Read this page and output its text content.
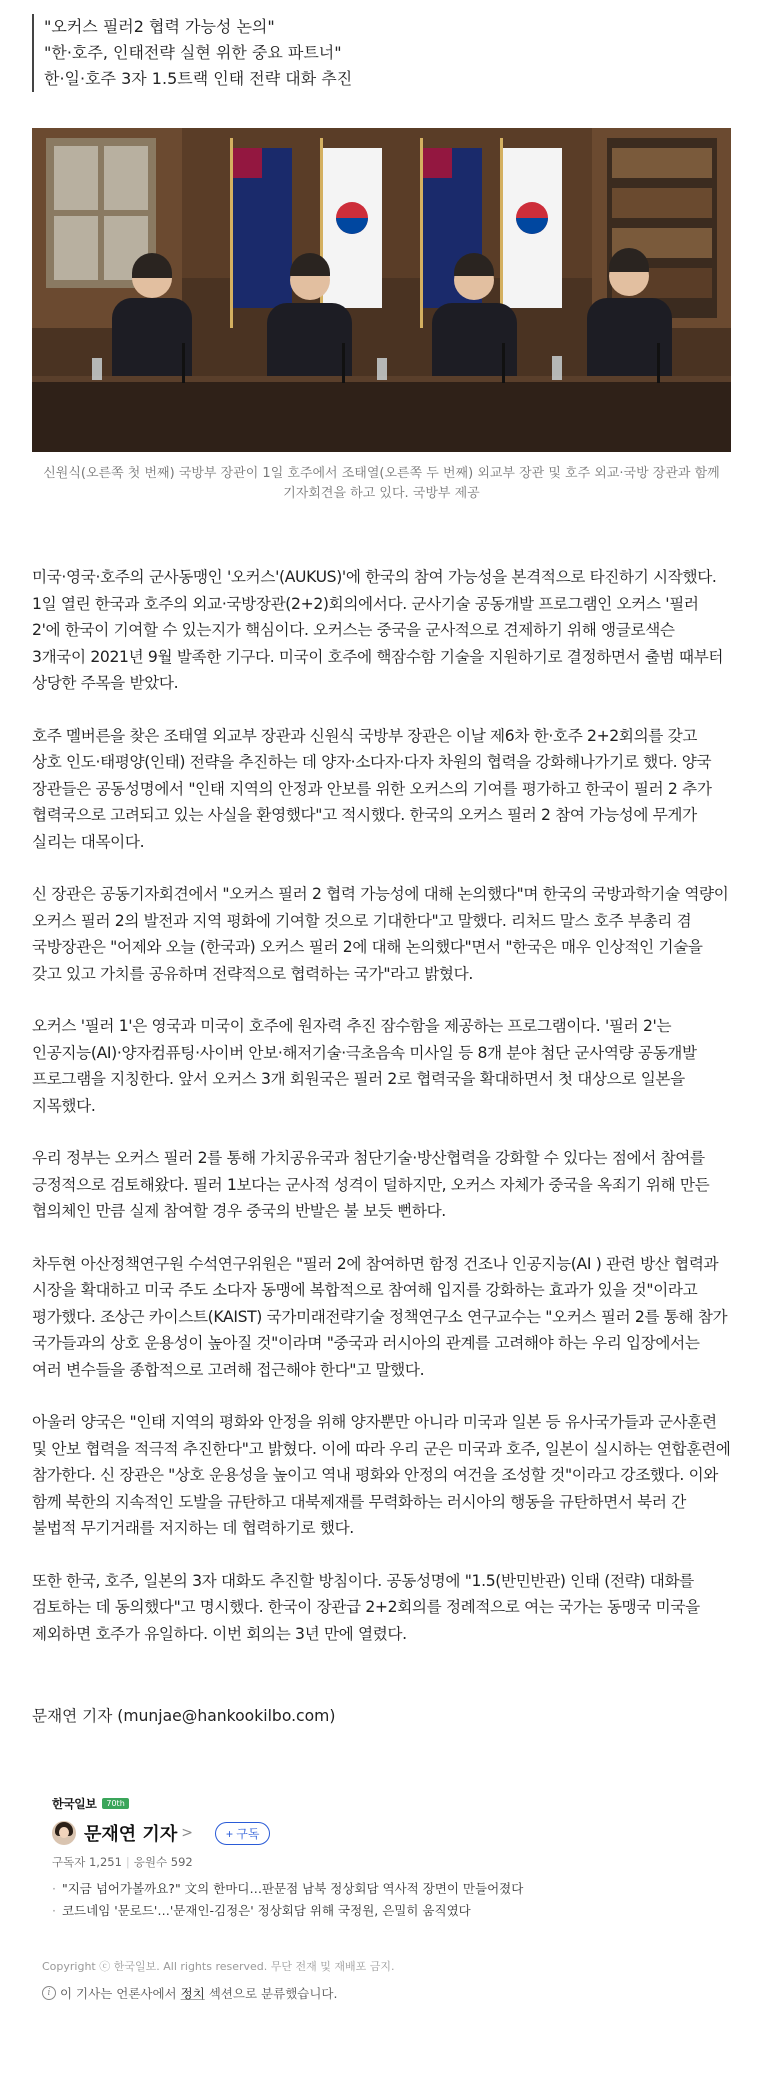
"오커스 필러2 협력 가능성 논의"
"한·호주, 인태전략 실현 위한 중요 파트너"
한·일·호주 3자 1.5트랙 인태 전략 대화 추진
신원식(오른쪽 첫 번째) 국방부 장관이 1일 호주에서 조태열(오른쪽 두 번째) 외교부 장관 및 호주 외교·국방 장관과 함께 기자회견을 하고 있다. 국방부 제공

미국·영국·호주의 군사동맹인 '오커스'(AUKUS)'에 한국의 참여 가능성을 본격적으로 타진하기 시작했다. 1일 열린 한국과 호주의 외교·국방장관(2+2)회의에서다. 군사기술 공동개발 프로그램인 오커스 '필러 2'에 한국이 기여할 수 있는지가 핵심이다. 오커스는 중국을 군사적으로 견제하기 위해 앵글로색슨 3개국이 2021년 9월 발족한 기구다. 미국이 호주에 핵잠수함 기술을 지원하기로 결정하면서 출범 때부터 상당한 주목을 받았다.

호주 멜버른을 찾은 조태열 외교부 장관과 신원식 국방부 장관은 이날 제6차 한·호주 2+2회의를 갖고 상호 인도·태평양(인태) 전략을 추진하는 데 양자·소다자·다자 차원의 협력을 강화해나가기로 했다. 양국 장관들은 공동성명에서 "인태 지역의 안정과 안보를 위한 오커스의 기여를 평가하고 한국이 필러 2 추가 협력국으로 고려되고 있는 사실을 환영했다"고 적시했다. 한국의 오커스 필러 2 참여 가능성에 무게가 실리는 대목이다.

신 장관은 공동기자회견에서 "오커스 필러 2 협력 가능성에 대해 논의했다"며 한국의 국방과학기술 역량이 오커스 필러 2의 발전과 지역 평화에 기여할 것으로 기대한다"고 말했다. 리처드 말스 호주 부총리 겸 국방장관은 "어제와 오늘 (한국과) 오커스 필러 2에 대해 논의했다"면서 "한국은 매우 인상적인 기술을 갖고 있고 가치를 공유하며 전략적으로 협력하는 국가"라고 밝혔다.

오커스 '필러 1'은 영국과 미국이 호주에 원자력 추진 잠수함을 제공하는 프로그램이다. '필러 2'는 인공지능(AI)·양자컴퓨팅·사이버 안보·해저기술·극초음속 미사일 등 8개 분야 첨단 군사역량 공동개발 프로그램을 지칭한다. 앞서 오커스 3개 회원국은 필러 2로 협력국을 확대하면서 첫 대상으로 일본을 지목했다.

우리 정부는 오커스 필러 2를 통해 가치공유국과 첨단기술·방산협력을 강화할 수 있다는 점에서 참여를 긍정적으로 검토해왔다. 필러 1보다는 군사적 성격이 덜하지만, 오커스 자체가 중국을 옥죄기 위해 만든 협의체인 만큼 실제 참여할 경우 중국의 반발은 불 보듯 뻔하다.

차두현 아산정책연구원 수석연구위원은 "필러 2에 참여하면 함정 건조나 인공지능(AI ) 관련 방산 협력과 시장을 확대하고 미국 주도 소다자 동맹에 복합적으로 참여해 입지를 강화하는 효과가 있을 것"이라고 평가했다. 조상근 카이스트(KAIST) 국가미래전략기술 정책연구소 연구교수는 "오커스 필러 2를 통해 참가 국가들과의 상호 운용성이 높아질 것"이라며 "중국과 러시아의 관계를 고려해야 하는 우리 입장에서는 여러 변수들을 종합적으로 고려해 접근해야 한다"고 말했다.

아울러 양국은 "인태 지역의 평화와 안정을 위해 양자뿐만 아니라 미국과 일본 등 유사국가들과 군사훈련 및 안보 협력을 적극적 추진한다"고 밝혔다. 이에 따라 우리 군은 미국과 호주, 일본이 실시하는 연합훈련에 참가한다. 신 장관은 "상호 운용성을 높이고 역내 평화와 안정의 여건을 조성할 것"이라고 강조했다. 이와 함께 북한의 지속적인 도발을 규탄하고 대북제재를 무력화하는 러시아의 행동을 규탄하면서 북러 간 불법적 무기거래를 저지하는 데 협력하기로 했다.

또한 한국, 호주, 일본의 3자 대화도 추진할 방침이다. 공동성명에 "1.5(반민반관) 인태 (전략) 대화를 검토하는 데 동의했다"고 명시했다. 한국이 장관급 2+2회의를 정례적으로 여는 국가는 동맹국 미국을 제외하면 호주가 유일하다. 이번 회의는 3년 만에 열렸다.

문재연 기자 (munjae@hankookilbo.com)
한국일보	70th
문재연 기자 >	+ 구독
구독자 1,251 | 응원수 592
· "지금 넘어가볼까요?" 文의 한마디…판문점 남북 정상회담 역사적 장면이 만들어졌다
· 코드네임 '문로드'…'문재인-김정은' 정상회담 위해 국정원, 은밀히 움직였다
Copyright ⓒ 한국일보. All rights reserved. 무단 전재 및 재배포 금지.
i 이 기사는 언론사에서 정치 섹션으로 분류했습니다.
